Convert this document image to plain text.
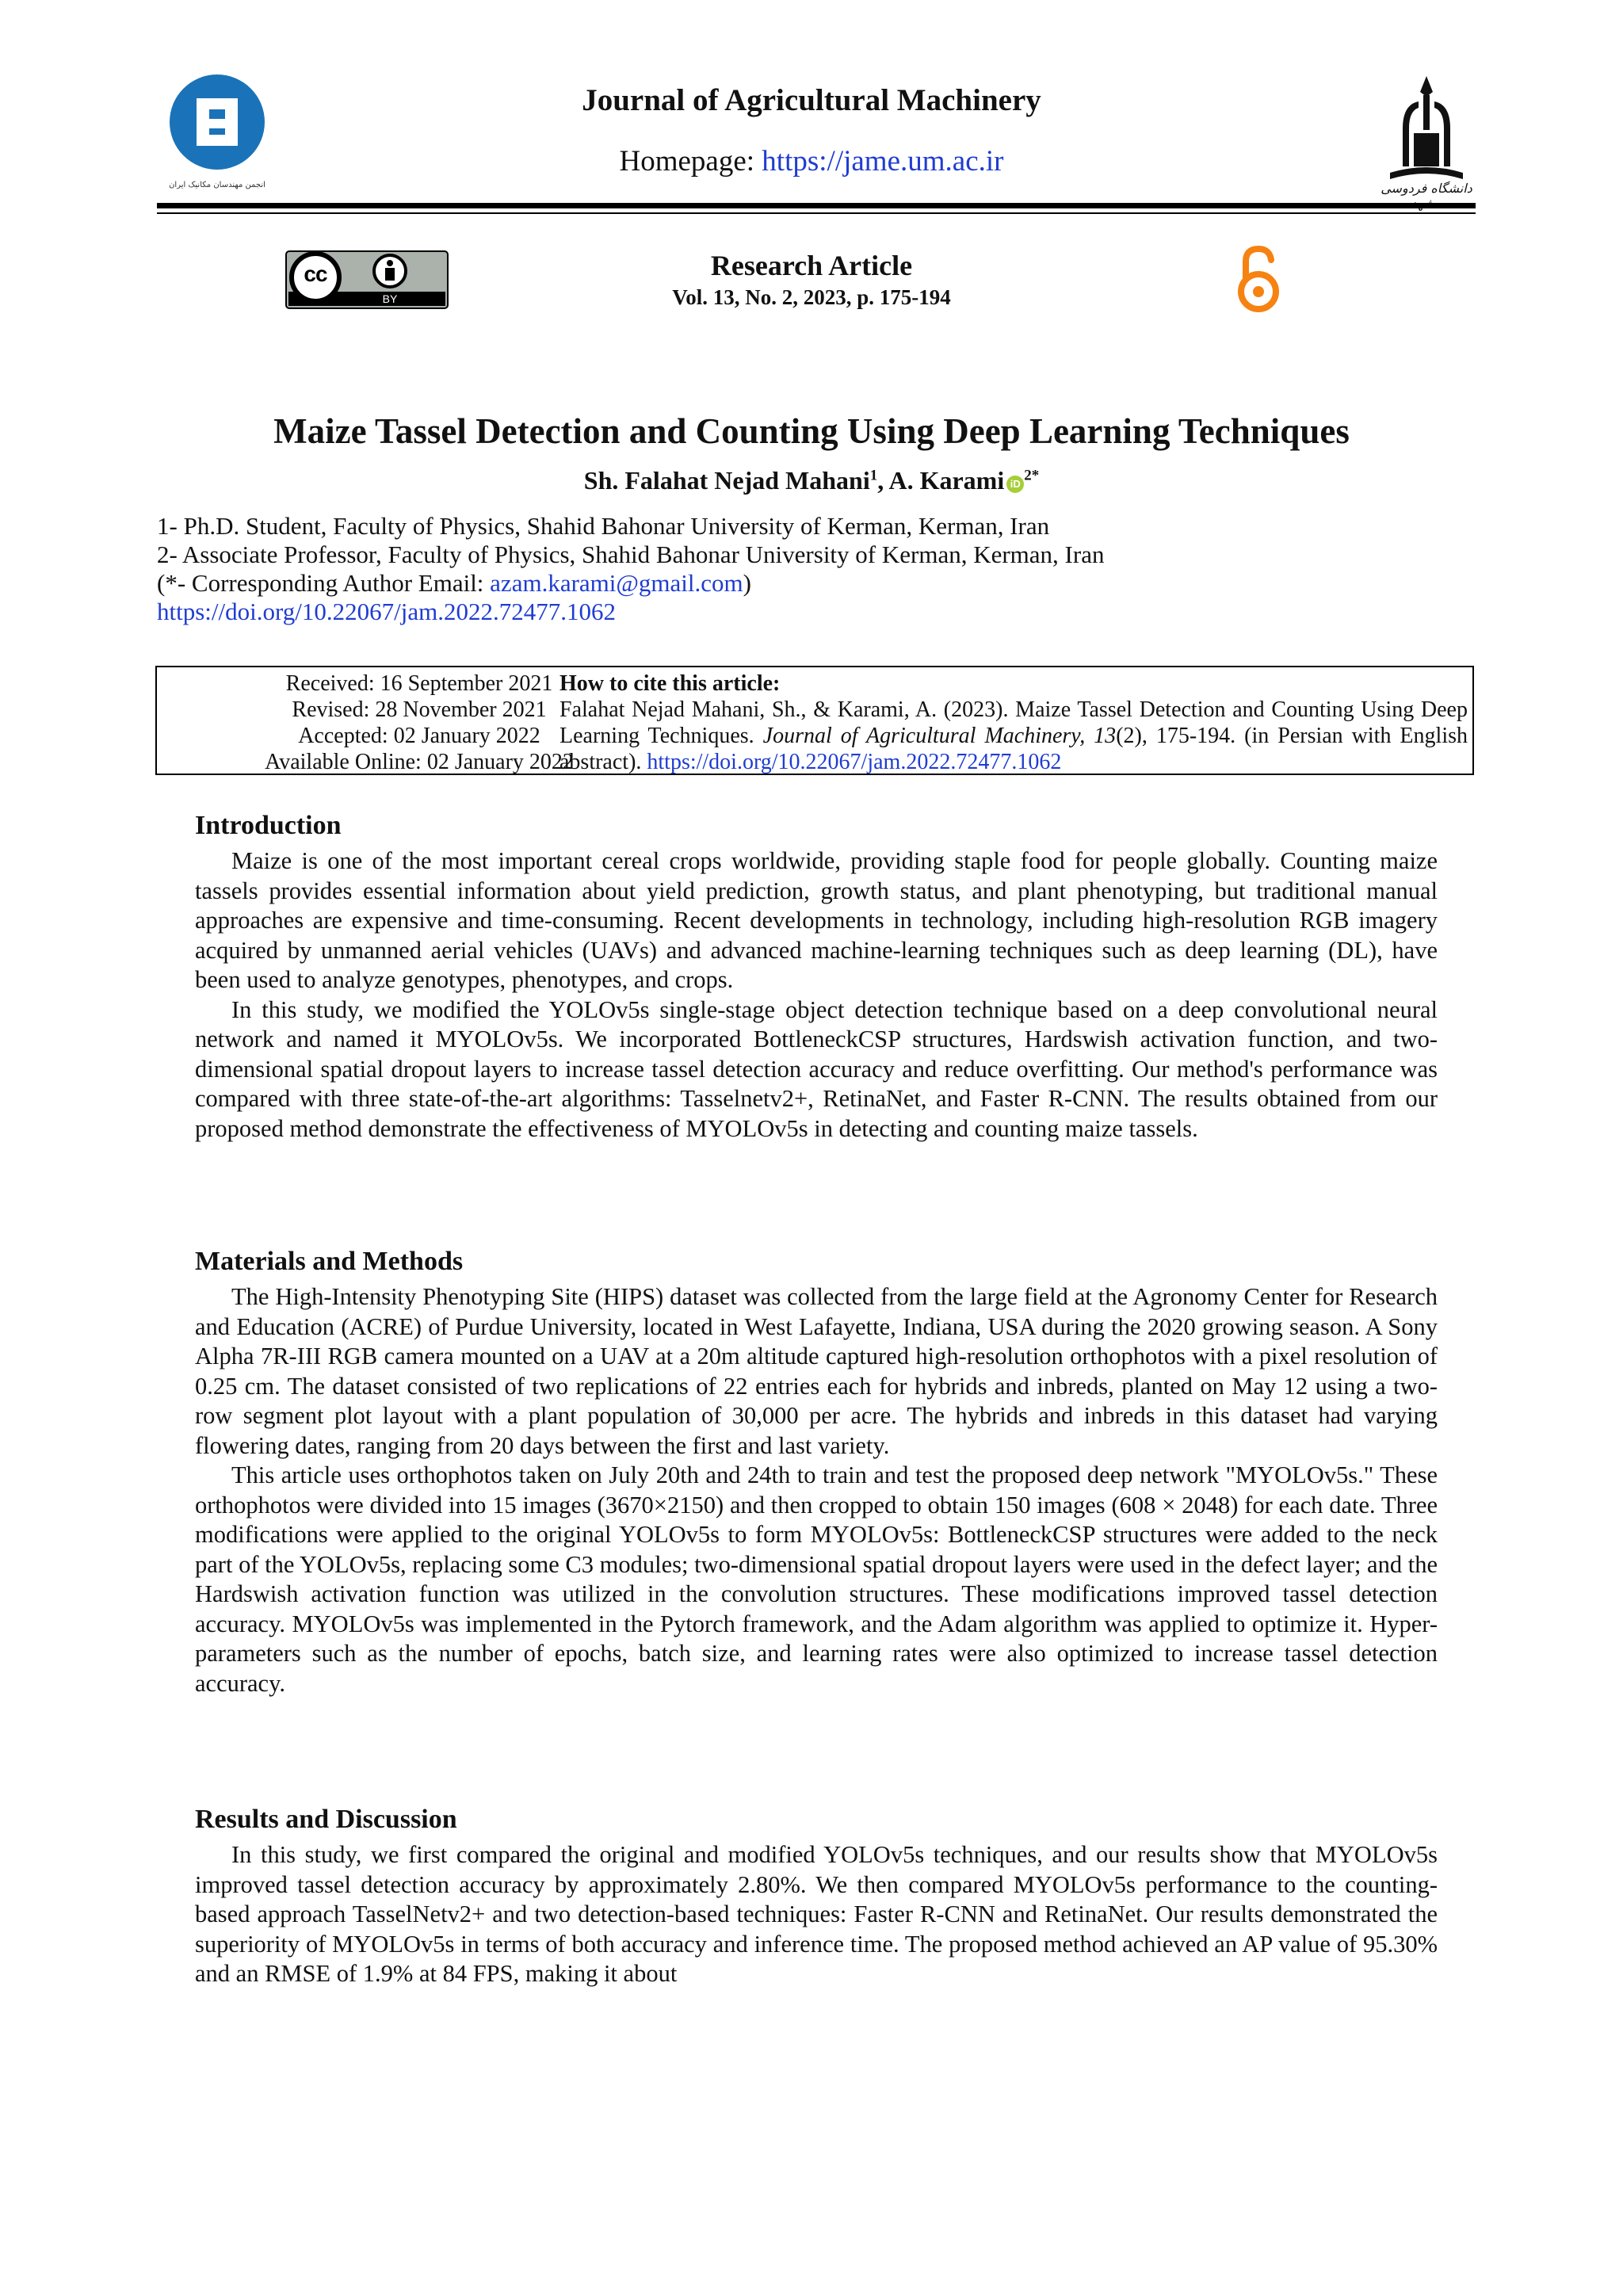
انجمن مهندسان مکانیک ایران
Journal of Agricultural Machinery
Homepage: https://jame.um.ac.ir
دانشگاه فردوسی
cc
BY
Research Article
Vol. 13, No. 2, 2023, p. 175-194
Maize Tassel Detection and Counting Using Deep Learning Techniques
Sh. Falahat Nejad Mahani$^1$, A. Karami $iD^{2*}$
1- Ph.D. Student, Faculty of Physics, Shahid Bahonar University of Kerman, Kerman, Iran
2- Associate Professor, Faculty of Physics, Shahid Bahonar University of Kerman, Kerman, Iran
(*- Corresponding Author Email: azam.karami@gmail.com)
https://doi.org/10.22067/jam.2022.72477.1062
Received: 16 September 2021
Revised: 28 November 2021
Accepted: 02 January 2022
Available Online: 02 January 2022
How to cite this article:
Falahat Nejad Mahani, Sh., & Karami, A. (2023). Maize Tassel Detection and Counting Using Deep Learning Techniques. Journal of Agricultural Machinery, 13(2), 175-194. (in Persian with English abstract). https://doi.org/10.22067/jam.2022.72477.1062
Introduction

Maize is one of the most important cereal crops worldwide, providing staple food for people globally. Counting maize tassels provides essential information about yield prediction, growth status, and plant phenotyping, but traditional manual approaches are expensive and time-consuming. Recent developments in technology, including high-resolution RGB imagery acquired by unmanned aerial vehicles (UAVs) and advanced machine-learning techniques such as deep learning (DL), have been used to analyze genotypes, phenotypes, and crops.

In this study, we modified the YOLOv5s single-stage object detection technique based on a deep convolutional neural network and named it MYOLOv5s. We incorporated BottleneckCSP structures, Hardswish activation function, and two-dimensional spatial dropout layers to increase tassel detection accuracy and reduce overfitting. Our method's performance was compared with three state-of-the-art algorithms: Tasselnetv2+, RetinaNet, and Faster R-CNN. The results obtained from our proposed method demonstrate the effectiveness of MYOLOv5s in detecting and counting maize tassels.

Materials and Methods

The High-Intensity Phenotyping Site (HIPS) dataset was collected from the large field at the Agronomy Center for Research and Education (ACRE) of Purdue University, located in West Lafayette, Indiana, USA during the 2020 growing season. A Sony Alpha 7R-III RGB camera mounted on a UAV at a 20m altitude captured high-resolution orthophotos with a pixel resolution of 0.25 cm. The dataset consisted of two replications of 22 entries each for hybrids and inbreds, planted on May 12 using a two-row segment plot layout with a plant population of 30,000 per acre. The hybrids and inbreds in this dataset had varying flowering dates, ranging from 20 days between the first and last variety.

This article uses orthophotos taken on July 20th and 24th to train and test the proposed deep network "MYOLOv5s." These orthophotos were divided into 15 images (3670×2150) and then cropped to obtain 150 images (608 × 2048) for each date. Three modifications were applied to the original YOLOv5s to form MYOLOv5s: BottleneckCSP structures were added to the neck part of the YOLOv5s, replacing some C3 modules; two-dimensional spatial dropout layers were used in the defect layer; and the Hardswish activation function was utilized in the convolution structures. These modifications improved tassel detection accuracy. MYOLOv5s was implemented in the Pytorch framework, and the Adam algorithm was applied to optimize it. Hyper-parameters such as the number of epochs, batch size, and learning rates were also optimized to increase tassel detection accuracy.

Results and Discussion

In this study, we first compared the original and modified YOLOv5s techniques, and our results show that MYOLOv5s improved tassel detection accuracy by approximately 2.80%. We then compared MYOLOv5s performance to the counting-based approach TasselNetv2+ and two detection-based techniques: Faster R-CNN and RetinaNet. Our results demonstrated the superiority of MYOLOv5s in terms of both accuracy and inference time. The proposed method achieved an AP value of 95.30% and an RMSE of 1.9% at 84 FPS, making it about
